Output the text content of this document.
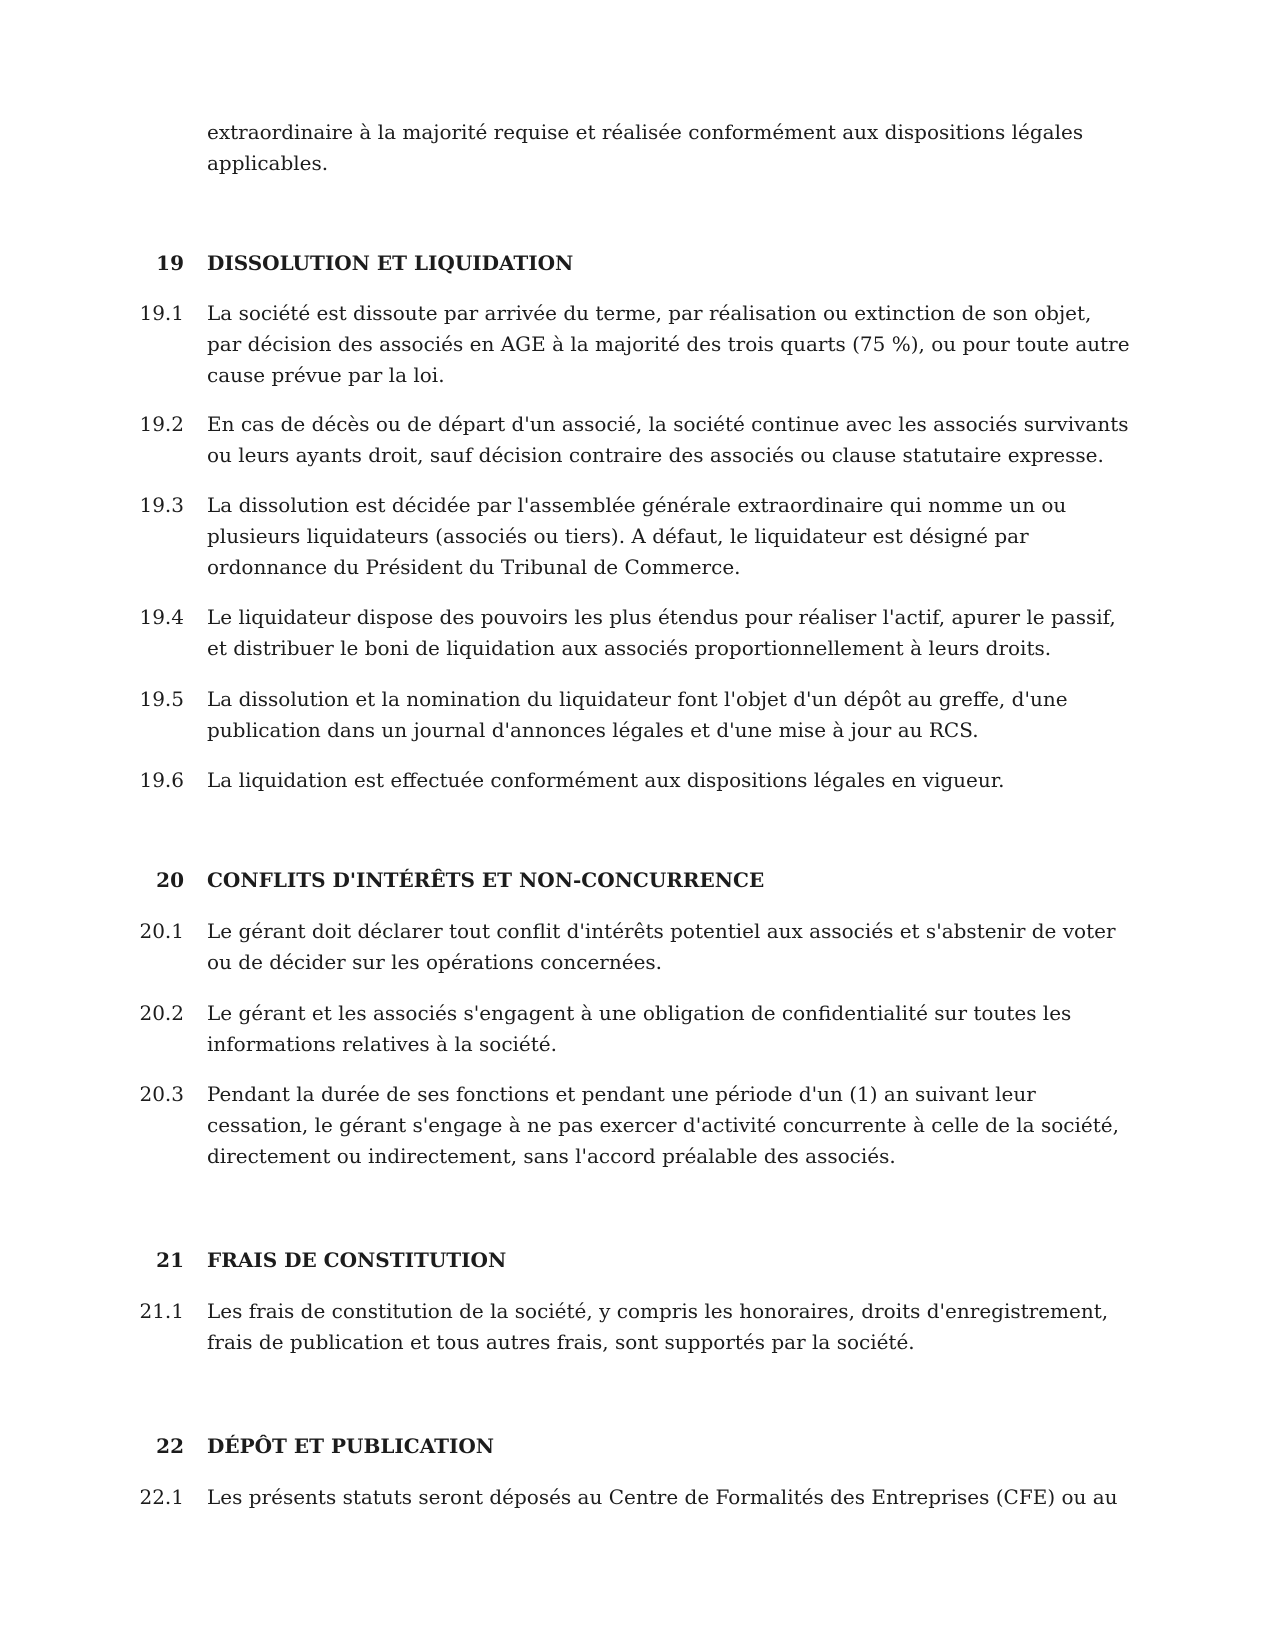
extraordinaire à la majorité requise et réalisée conformément aux dispositions légales applicables.
19 DISSOLUTION ET LIQUIDATION
19.1 La société est dissoute par arrivée du terme, par réalisation ou extinction de son objet, par décision des associés en AGE à la majorité des trois quarts (75 %), ou pour toute autre cause prévue par la loi.
19.2 En cas de décès ou de départ d'un associé, la société continue avec les associés survivants ou leurs ayants droit, sauf décision contraire des associés ou clause statutaire expresse.
19.3 La dissolution est décidée par l'assemblée générale extraordinaire qui nomme un ou plusieurs liquidateurs (associés ou tiers). A défaut, le liquidateur est désigné par ordonnance du Président du Tribunal de Commerce.
19.4 Le liquidateur dispose des pouvoirs les plus étendus pour réaliser l'actif, apurer le passif, et distribuer le boni de liquidation aux associés proportionnellement à leurs droits.
19.5 La dissolution et la nomination du liquidateur font l'objet d'un dépôt au greffe, d'une publication dans un journal d'annonces légales et d'une mise à jour au RCS.
19.6 La liquidation est effectuée conformément aux dispositions légales en vigueur.
20 CONFLITS D'INTÉRÊTS ET NON-CONCURRENCE
20.1 Le gérant doit déclarer tout conflit d'intérêts potentiel aux associés et s'abstenir de voter ou de décider sur les opérations concernées.
20.2 Le gérant et les associés s'engagent à une obligation de confidentialité sur toutes les informations relatives à la société.
20.3 Pendant la durée de ses fonctions et pendant une période d'un (1) an suivant leur cessation, le gérant s'engage à ne pas exercer d'activité concurrente à celle de la société, directement ou indirectement, sans l'accord préalable des associés.
21 FRAIS DE CONSTITUTION
21.1 Les frais de constitution de la société, y compris les honoraires, droits d'enregistrement, frais de publication et tous autres frais, sont supportés par la société.
22 DÉPÔT ET PUBLICATION
22.1 Les présents statuts seront déposés au Centre de Formalités des Entreprises (CFE) ou au
